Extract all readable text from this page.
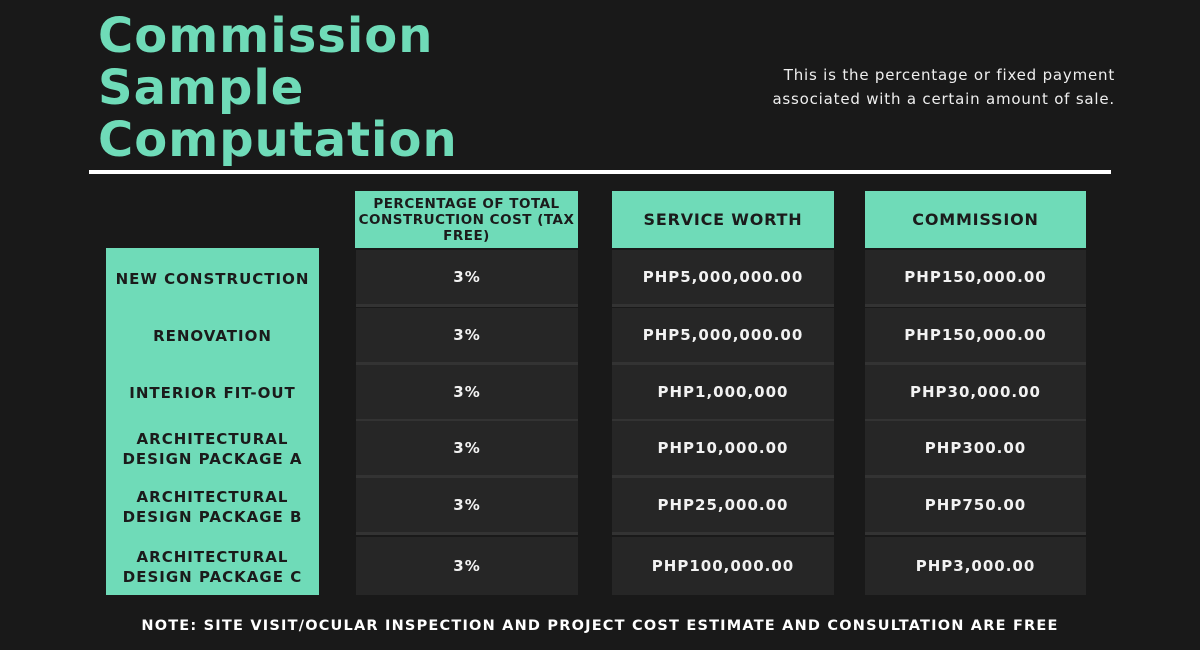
Commission
Sample
Computation
This is the percentage or fixed payment
associated with a certain amount of sale.
PERCENTAGE OF TOTAL CONSTRUCTION COST (TAX FREE)
SERVICE WORTH	COMMISSION
NEW CONSTRUCTION
RENOVATION
INTERIOR FIT-OUT
ARCHITECTURAL DESIGN PACKAGE A
ARCHITECTURAL DESIGN PACKAGE B
ARCHITECTURAL DESIGN PACKAGE C
3%
3%
3%
3%
3%
3%
PHP5,000,000.00
PHP5,000,000.00
PHP1,000,000
PHP10,000.00
PHP25,000.00
PHP100,000.00
PHP150,000.00
PHP150,000.00
PHP30,000.00
PHP300.00
PHP750.00
PHP3,000.00
NOTE: SITE VISIT/OCULAR INSPECTION AND PROJECT COST ESTIMATE AND CONSULTATION ARE FREE
